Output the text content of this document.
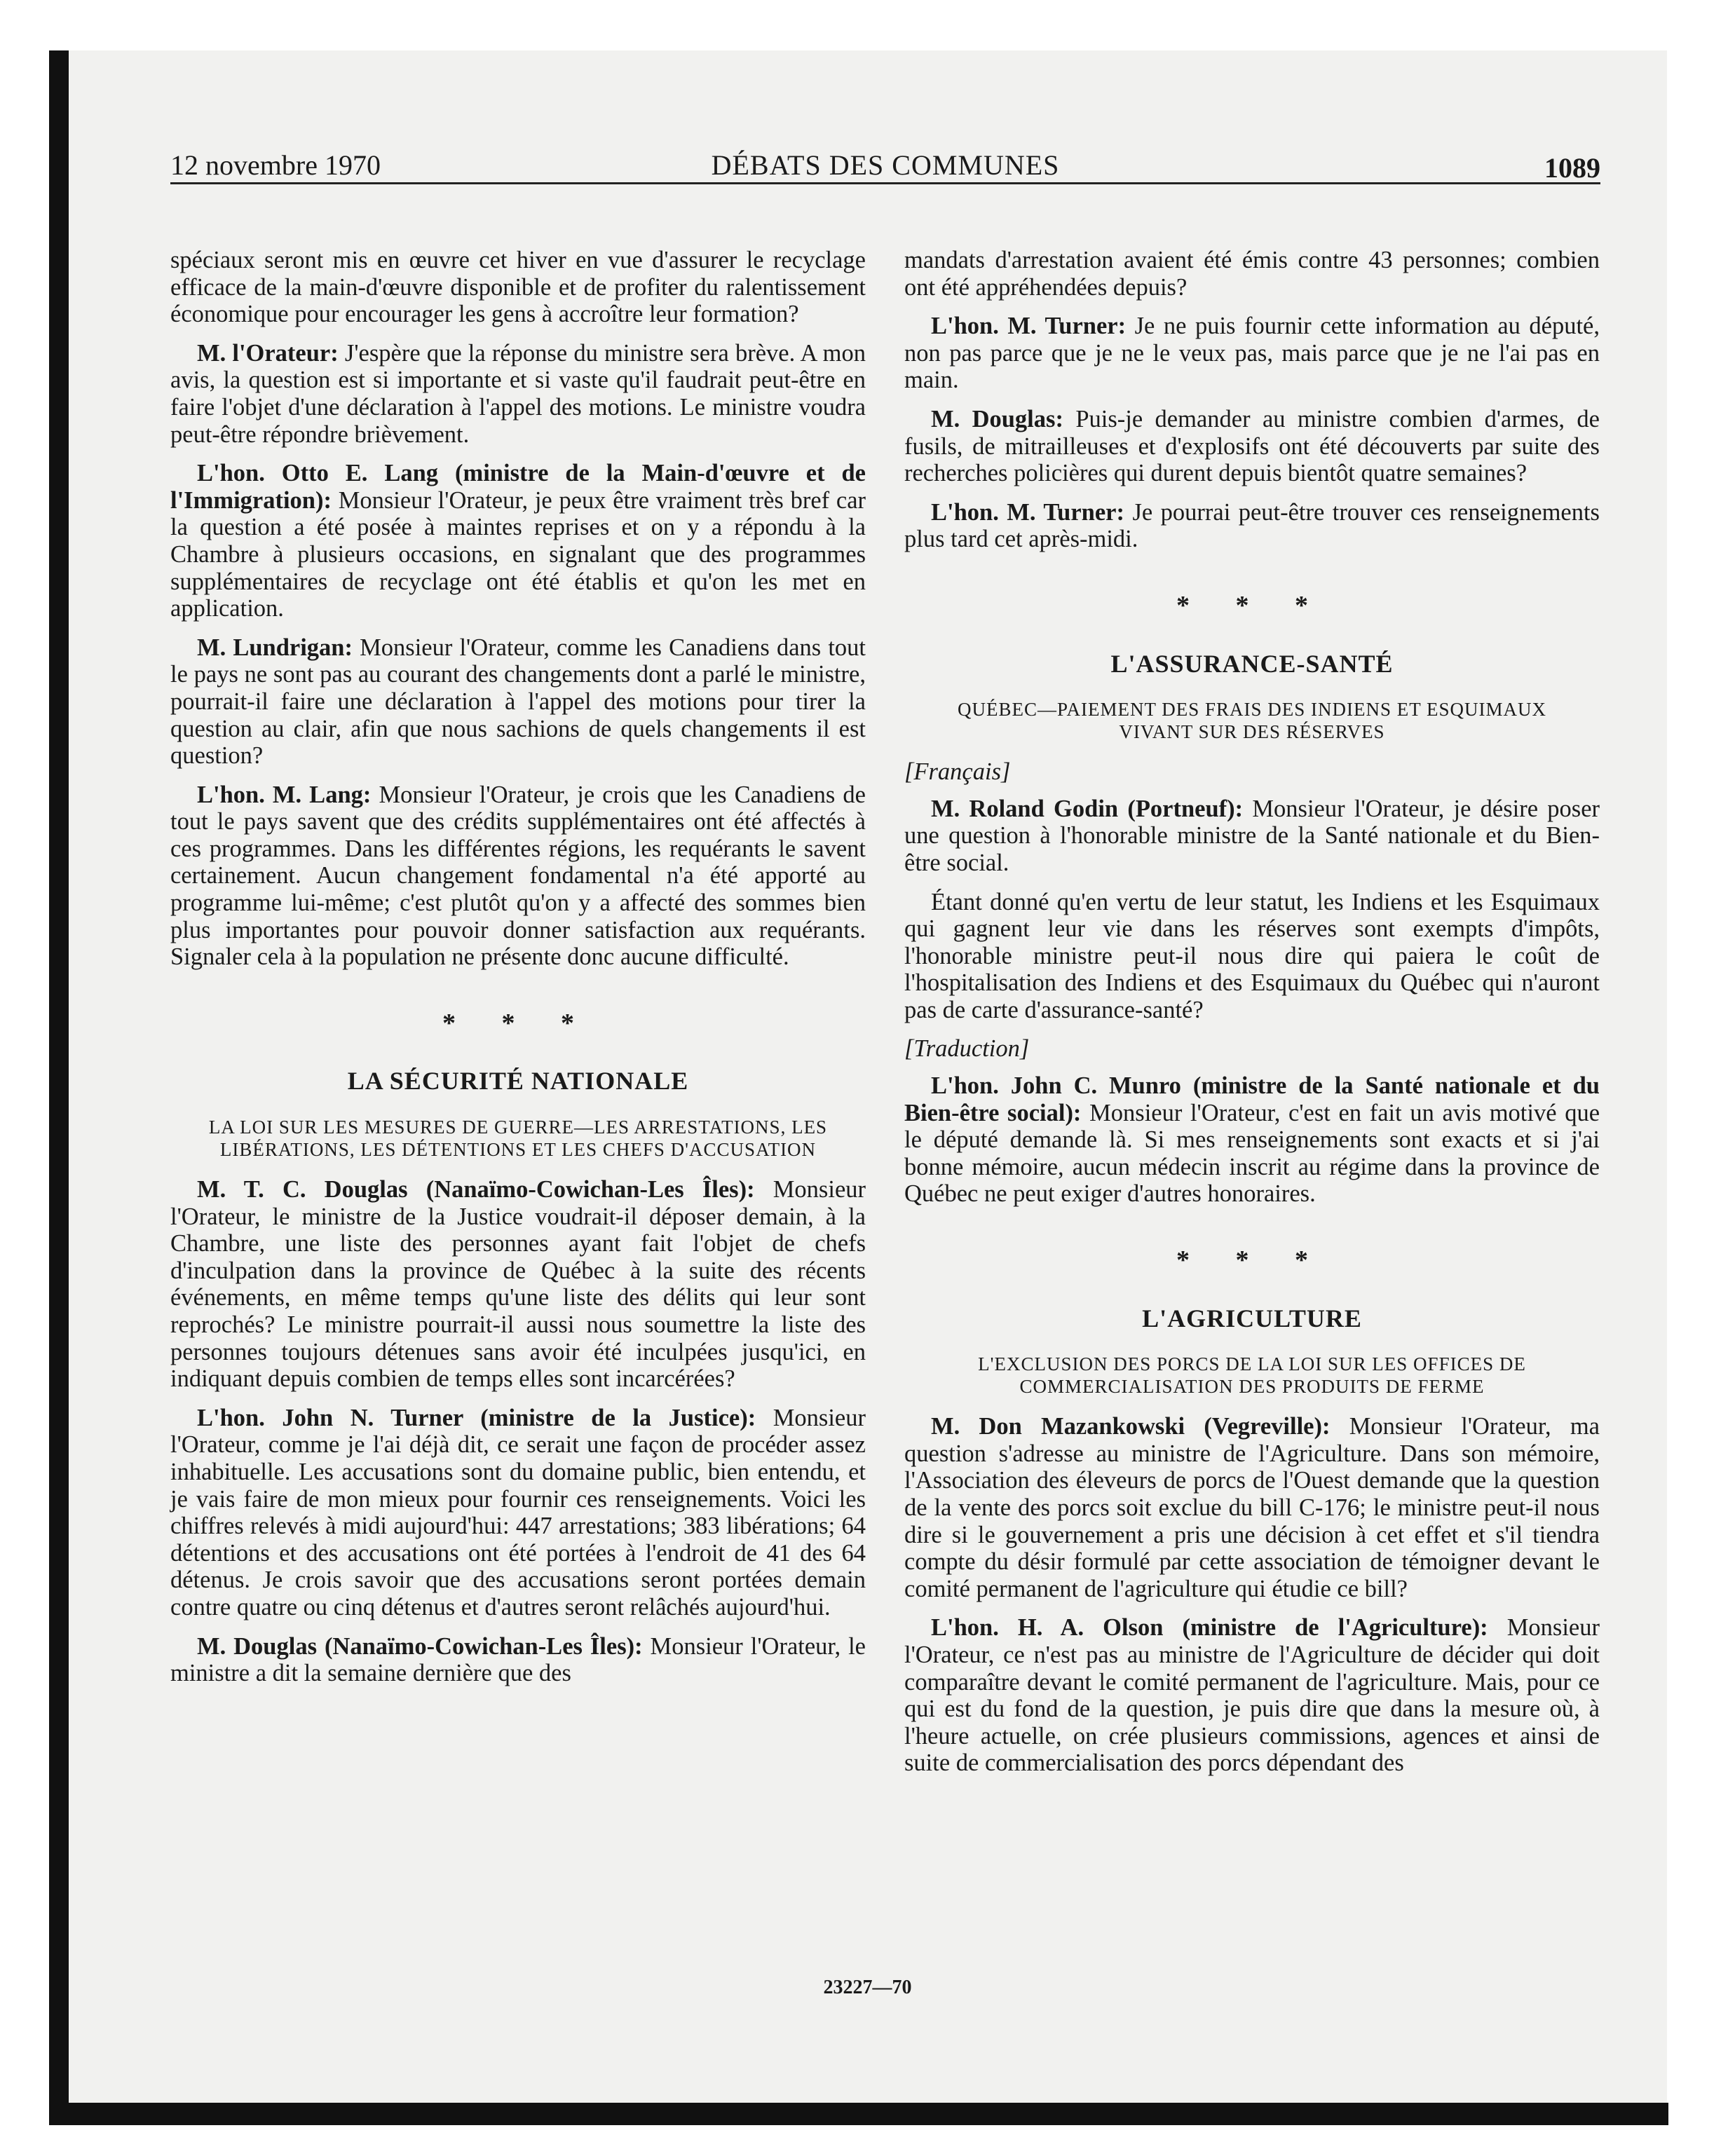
12 novembre 1970	DÉBATS DES COMMUNES	1089

spéciaux seront mis en œuvre cet hiver en vue d'assurer le recyclage efficace de la main-d'œuvre disponible et de profiter du ralentissement économique pour encourager les gens à accroître leur formation?

M. l'Orateur: J'espère que la réponse du ministre sera brève. A mon avis, la question est si importante et si vaste qu'il faudrait peut-être en faire l'objet d'une déclaration à l'appel des motions. Le ministre voudra peut-être répondre brièvement.

L'hon. Otto E. Lang (ministre de la Main-d'œuvre et de l'Immigration): Monsieur l'Orateur, je peux être vraiment très bref car la question a été posée à maintes reprises et on y a répondu à la Chambre à plusieurs occasions, en signalant que des programmes supplémentaires de recyclage ont été établis et qu'on les met en application.

M. Lundrigan: Monsieur l'Orateur, comme les Canadiens dans tout le pays ne sont pas au courant des changements dont a parlé le ministre, pourrait-il faire une déclaration à l'appel des motions pour tirer la question au clair, afin que nous sachions de quels changements il est question?

L'hon. M. Lang: Monsieur l'Orateur, je crois que les Canadiens de tout le pays savent que des crédits supplémentaires ont été affectés à ces programmes. Dans les différentes régions, les requérants le savent certainement. Aucun changement fondamental n'a été apporté au programme lui-même; c'est plutôt qu'on y a affecté des sommes bien plus importantes pour pouvoir donner satisfaction aux requérants. Signaler cela à la population ne présente donc aucune difficulté.

* * *
LA SÉCURITÉ NATIONALE
LA LOI SUR LES MESURES DE GUERRE—LES ARRESTATIONS, LES LIBÉRATIONS, LES DÉTENTIONS ET LES CHEFS D'ACCUSATION

M. T. C. Douglas (Nanaïmo-Cowichan-Les Îles): Monsieur l'Orateur, le ministre de la Justice voudrait-il déposer demain, à la Chambre, une liste des personnes ayant fait l'objet de chefs d'inculpation dans la province de Québec à la suite des récents événements, en même temps qu'une liste des délits qui leur sont reprochés? Le ministre pourrait-il aussi nous soumettre la liste des personnes toujours détenues sans avoir été inculpées jusqu'ici, en indiquant depuis combien de temps elles sont incarcérées?

L'hon. John N. Turner (ministre de la Justice): Monsieur l'Orateur, comme je l'ai déjà dit, ce serait une façon de procéder assez inhabituelle. Les accusations sont du domaine public, bien entendu, et je vais faire de mon mieux pour fournir ces renseignements. Voici les chiffres relevés à midi aujourd'hui: 447 arrestations; 383 libérations; 64 détentions et des accusations ont été portées à l'endroit de 41 des 64 détenus. Je crois savoir que des accusations seront portées demain contre quatre ou cinq détenus et d'autres seront relâchés aujourd'hui.

M. Douglas (Nanaïmo-Cowichan-Les Îles): Monsieur l'Orateur, le ministre a dit la semaine dernière que des

mandats d'arrestation avaient été émis contre 43 personnes; combien ont été appréhendées depuis?

L'hon. M. Turner: Je ne puis fournir cette information au député, non pas parce que je ne le veux pas, mais parce que je ne l'ai pas en main.

M. Douglas: Puis-je demander au ministre combien d'armes, de fusils, de mitrailleuses et d'explosifs ont été découverts par suite des recherches policières qui durent depuis bientôt quatre semaines?

L'hon. M. Turner: Je pourrai peut-être trouver ces renseignements plus tard cet après-midi.

* * *
L'ASSURANCE-SANTÉ
QUÉBEC—PAIEMENT DES FRAIS DES INDIENS ET ESQUIMAUX VIVANT SUR DES RÉSERVES
[Français]

M. Roland Godin (Portneuf): Monsieur l'Orateur, je désire poser une question à l'honorable ministre de la Santé nationale et du Bien-être social.

Étant donné qu'en vertu de leur statut, les Indiens et les Esquimaux qui gagnent leur vie dans les réserves sont exempts d'impôts, l'honorable ministre peut-il nous dire qui paiera le coût de l'hospitalisation des Indiens et des Esquimaux du Québec qui n'auront pas de carte d'assurance-santé?

[Traduction]

L'hon. John C. Munro (ministre de la Santé nationale et du Bien-être social): Monsieur l'Orateur, c'est en fait un avis motivé que le député demande là. Si mes renseignements sont exacts et si j'ai bonne mémoire, aucun médecin inscrit au régime dans la province de Québec ne peut exiger d'autres honoraires.

* * *
L'AGRICULTURE
L'EXCLUSION DES PORCS DE LA LOI SUR LES OFFICES DE COMMERCIALISATION DES PRODUITS DE FERME

M. Don Mazankowski (Vegreville): Monsieur l'Orateur, ma question s'adresse au ministre de l'Agriculture. Dans son mémoire, l'Association des éleveurs de porcs de l'Ouest demande que la question de la vente des porcs soit exclue du bill C-176; le ministre peut-il nous dire si le gouvernement a pris une décision à cet effet et s'il tiendra compte du désir formulé par cette association de témoigner devant le comité permanent de l'agriculture qui étudie ce bill?

L'hon. H. A. Olson (ministre de l'Agriculture): Monsieur l'Orateur, ce n'est pas au ministre de l'Agriculture de décider qui doit comparaître devant le comité permanent de l'agriculture. Mais, pour ce qui est du fond de la question, je puis dire que dans la mesure où, à l'heure actuelle, on crée plusieurs commissions, agences et ainsi de suite de commercialisation des porcs dépendant des

23227—70
